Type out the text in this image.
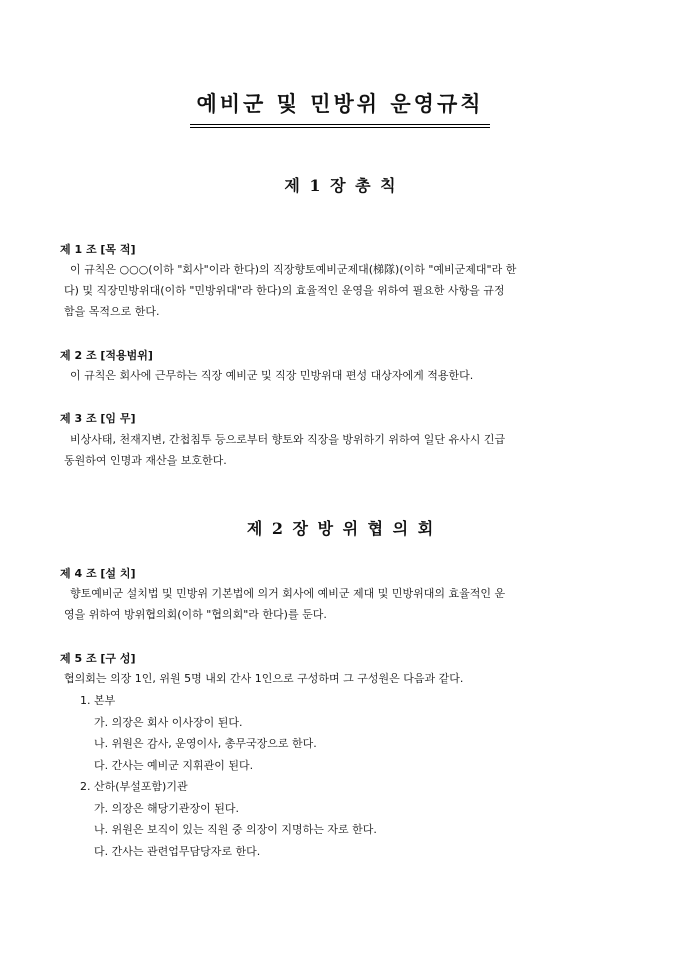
예비군 및 민방위 운영규칙
제 1 장 총 칙
제 1 조 [목 적]
이 규칙은 ○○○(이하 "회사"이라 한다)의 직장향토예비군제대(梯隊)(이하 "예비군제대"라 한
다) 및 직장민방위대(이하 "민방위대"라 한다)의 효율적인 운영을 위하여 필요한 사항을 규정
함을 목적으로 한다.
제 2 조 [적용범위]
이 규칙은 회사에 근무하는 직장 예비군 및 직장 민방위대 편성 대상자에게 적용한다.
제 3 조 [임 무]
비상사태, 천재지변, 간첩침투 등으로부터 향토와 직장을 방위하기 위하여 일단 유사시 긴급
동원하여 인명과 재산을 보호한다.
제 2 장 방 위 협 의 회
제 4 조 [설 치]
향토예비군 설치법 및 민방위 기본법에 의거 회사에 예비군 제대 및 민방위대의 효율적인 운
영을 위하여 방위협의회(이하 "협의회"라 한다)를 둔다.
제 5 조 [구 성]
협의회는 의장 1인, 위원 5명 내외 간사 1인으로 구성하며 그 구성원은 다음과 같다.
1. 본부
가. 의장은 회사 이사장이 된다.
나. 위원은 감사, 운영이사, 총무국장으로 한다.
다. 간사는 예비군 지휘관이 된다.
2. 산하(부설포함)기관
가. 의장은 해당기관장이 된다.
나. 위원은 보직이 있는 직원 중 의장이 지명하는 자로 한다.
다. 간사는 관련업무담당자로 한다.
